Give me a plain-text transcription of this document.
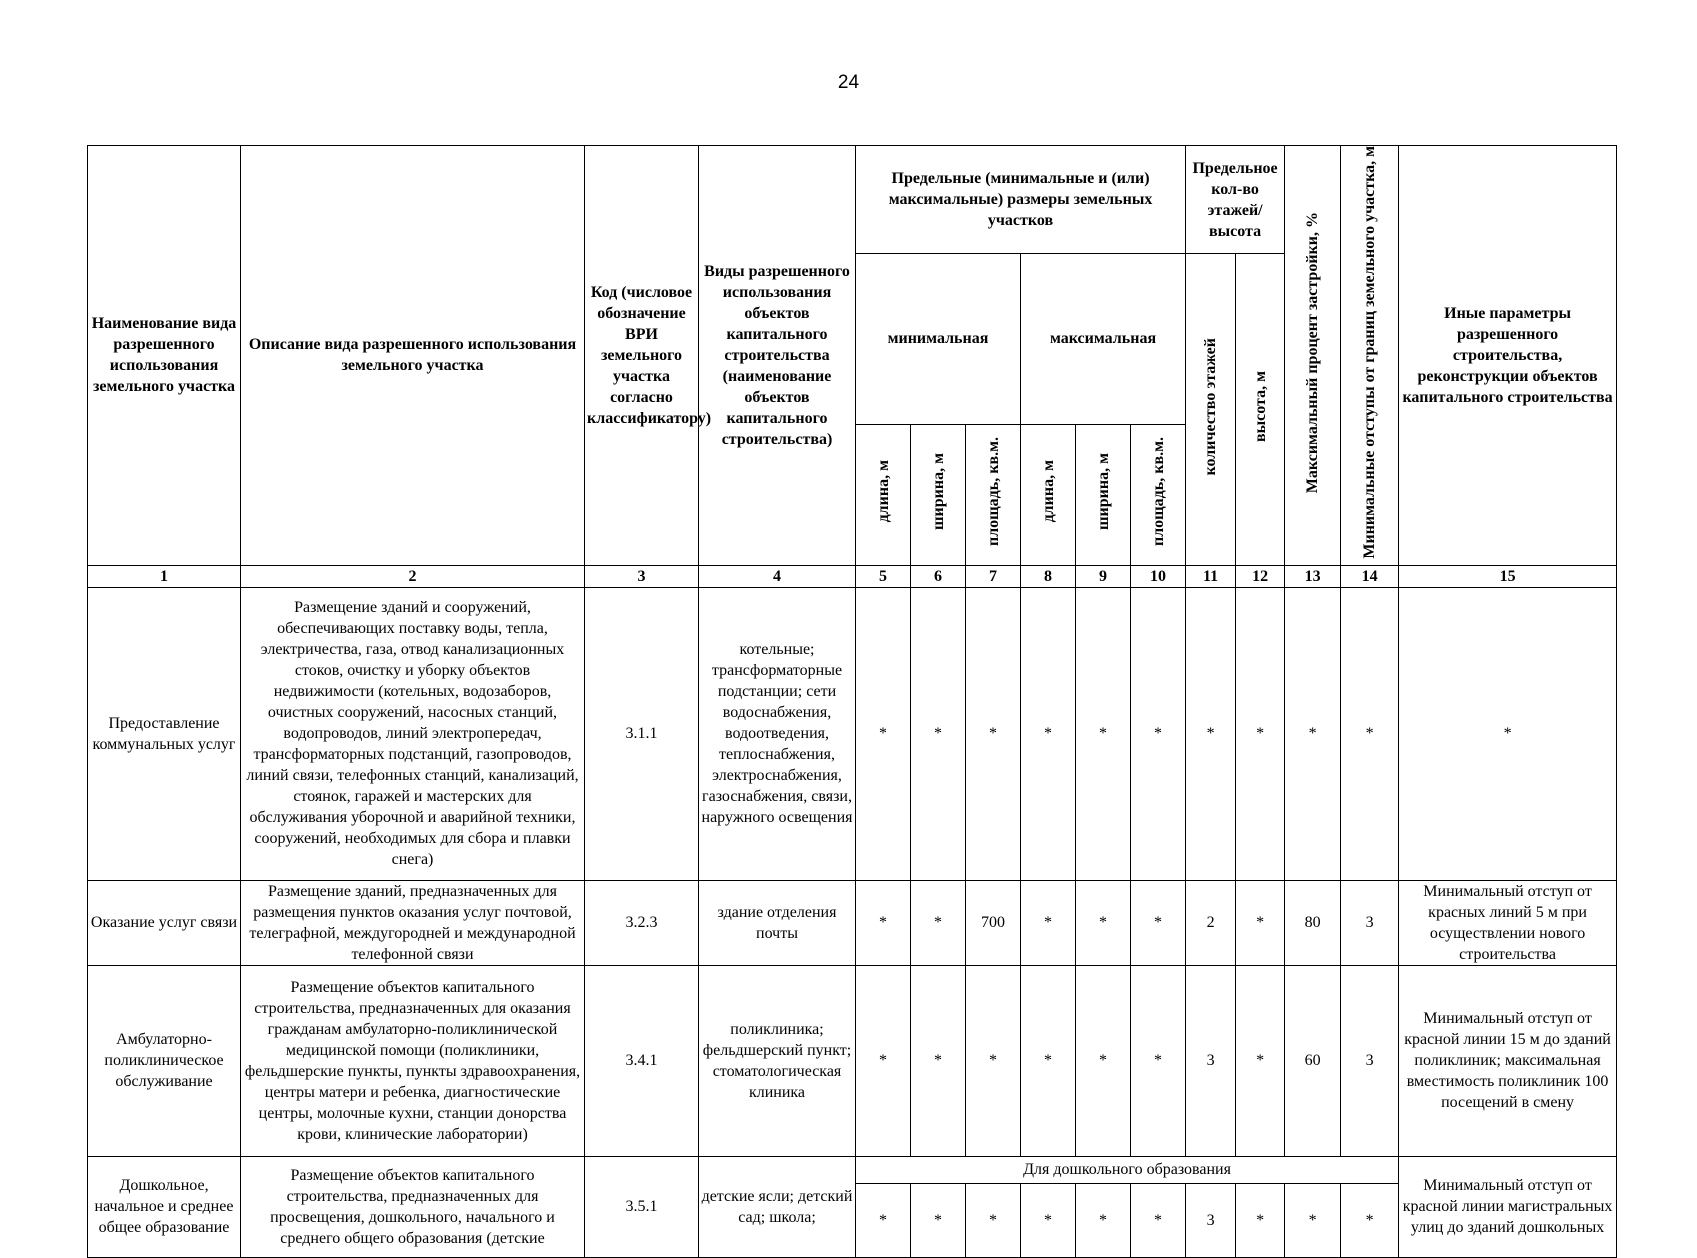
24
Наименование вида разрешенного использования земельного участка	Описание вида разрешенного использования земельного участка	Код (числовое обозначение ВРИ земельного участка согласно классификатору)	Виды разрешенного использования объектов капитального строительства (наименование объектов капитального строительства)	Предельные (минимальные и (или) максимальные) размеры земельных участков						Предельное кол-во этажей/ высота		Максимальный процент застройки, %	Минимальные отступы от границ земельного участка, м	Иные параметры разрешенного строительства, реконструкции объектов капитального строительства
				минимальная			максимальная			количество этажей	высота, м			
				длина, м	ширина, м	площадь, кв.м.	длина, м	ширина, м	площадь, кв.м.					
1	2	3	4	5	6	7	8	9	10	11	12	13	14	15
Предоставление коммунальных услуг	Размещение зданий и сооружений, обеспечивающих поставку воды, тепла, электричества, газа, отвод канализационных стоков, очистку и уборку объектов недвижимости (котельных, водозаборов, очистных сооружений, насосных станций, водопроводов, линий электропередач, трансформаторных подстанций, газопроводов, линий связи, телефонных станций, канализаций, стоянок, гаражей и мастерских для обслуживания уборочной и аварийной техники, сооружений, необходимых для сбора и плавки снега)	3.1.1	котельные; трансформаторные подстанции; сети водоснабжения, водоотведения, теплоснабжения, электроснабжения, газоснабжения, связи, наружного освещения	*	*	*	*	*	*	*	*	*	*	*
Оказание услуг связи	Размещение зданий, предназначенных для размещения пунктов оказания услуг почтовой, телеграфной, междугородней и международной телефонной связи	3.2.3	здание отделения почты	*	*	700	*	*	*	2	*	80	3	Минимальный отступ от красных линий 5 м при осуществлении нового строительства
Амбулаторно-поликлиническое обслуживание	Размещение объектов капитального строительства, предназначенных для оказания гражданам амбулаторно-поликлинической медицинской помощи (поликлиники, фельдшерские пункты, пункты здравоохранения, центры матери и ребенка, диагностические центры, молочные кухни, станции донорства крови, клинические лаборатории)	3.4.1	поликлиника; фельдшерский пункт; стоматологическая клиника	*	*	*	*	*	*	3	*	60	3	Минимальный отступ от красной линии 15 м до зданий поликлиник; максимальная вместимость поликлиник 100 посещений в смену
Дошкольное, начальное и среднее общее образование	Размещение объектов капитального строительства, предназначенных для просвещения, дошкольного, начального и среднего общего образования (детские	3.5.1	детские ясли; детский сад; школа;	Для дошкольного образования										Минимальный отступ от красной линии магистральных улиц до зданий дошкольных
				*	*	*	*	*	*	3	*	*	*	
